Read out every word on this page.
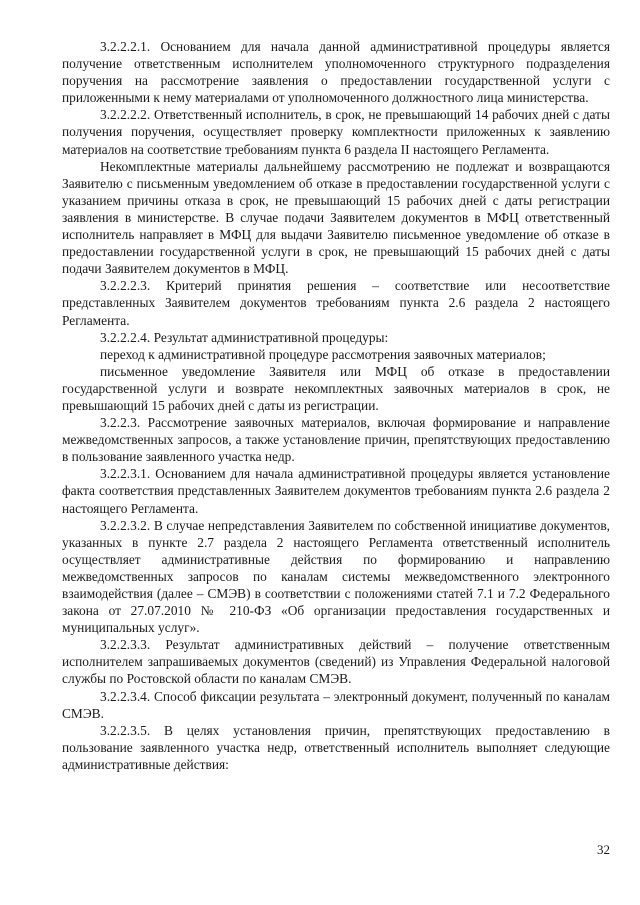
3.2.2.2.1. Основанием для начала данной административной процедуры является получение ответственным исполнителем уполномоченного структурного подразделения поручения на рассмотрение заявления о предоставлении государственной услуги с приложенными к нему материалами от уполномоченного должностного лица министерства.

3.2.2.2.2. Ответственный исполнитель, в срок, не превышающий 14 рабочих дней с даты получения поручения, осуществляет проверку комплектности приложенных к заявлению материалов на соответствие требованиям пункта 6 раздела II настоящего Регламента.

Некомплектные материалы дальнейшему рассмотрению не подлежат и возвращаются Заявителю с письменным уведомлением об отказе в предоставлении государственной услуги с указанием причины отказа в срок, не превышающий 15 рабочих дней с даты регистрации заявления в министерстве. В случае подачи Заявителем документов в МФЦ ответственный исполнитель направляет в МФЦ для выдачи Заявителю письменное уведомление об отказе в предоставлении государственной услуги в срок, не превышающий 15 рабочих дней с даты подачи Заявителем документов в МФЦ.

3.2.2.2.3. Критерий принятия решения – соответствие или несоответствие представленных Заявителем документов требованиям пункта 2.6 раздела 2 настоящего Регламента.

3.2.2.2.4. Результат административной процедуры:

переход к административной процедуре рассмотрения заявочных материалов;

письменное уведомление Заявителя или МФЦ об отказе в предоставлении государственной услуги и возврате некомплектных заявочных материалов в срок, не превышающий 15 рабочих дней с даты из регистрации.

3.2.2.3. Рассмотрение заявочных материалов, включая формирование и направление межведомственных запросов, а также установление причин, препятствующих предоставлению в пользование заявленного участка недр.

3.2.2.3.1. Основанием для начала административной процедуры является установление факта соответствия представленных Заявителем документов требованиям пункта 2.6 раздела 2 настоящего Регламента.

3.2.2.3.2. В случае непредставления Заявителем по собственной инициативе документов, указанных в пункте 2.7 раздела 2 настоящего Регламента ответственный исполнитель осуществляет административные действия по формированию и направлению межведомственных запросов по каналам системы межведомственного электронного взаимодействия (далее – СМЭВ) в соответствии с положениями статей 7.1 и 7.2 Федерального закона от 27.07.2010 № 210-ФЗ «Об организации предоставления государственных и муниципальных услуг».

3.2.2.3.3. Результат административных действий – получение ответственным исполнителем запрашиваемых документов (сведений) из Управления Федеральной налоговой службы по Ростовской области по каналам СМЭВ.

3.2.2.3.4. Способ фиксации результата – электронный документ, полученный по каналам СМЭВ.

3.2.2.3.5. В целях установления причин, препятствующих предоставлению в пользование заявленного участка недр, ответственный исполнитель выполняет следующие административные действия:

32
